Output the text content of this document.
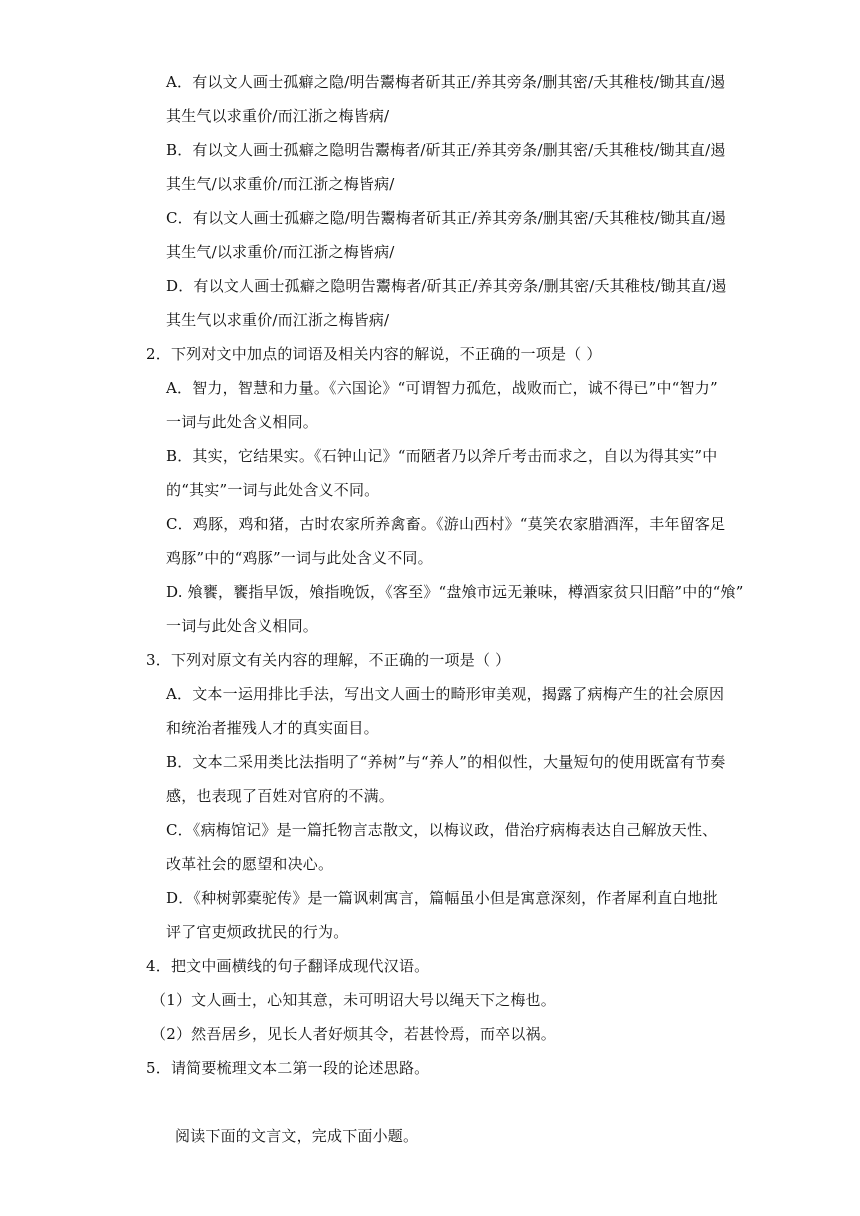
A．有以文人画士孤癖之隐/明告鬻梅者斫其正/养其旁条/删其密/夭其稚枝/锄其直/遏
其生气以求重价/而江浙之梅皆病/
B．有以文人画士孤癖之隐明告鬻梅者/斫其正/养其旁条/删其密/夭其稚枝/锄其直/遏
其生气/以求重价/而江浙之梅皆病/
C．有以文人画士孤癖之隐/明告鬻梅者斫其正/养其旁条/删其密/夭其稚枝/锄其直/遏
其生气/以求重价/而江浙之梅皆病/
D．有以文人画士孤癖之隐明告鬻梅者/斫其正/养其旁条/删其密/夭其稚枝/锄其直/遏
其生气以求重价/而江浙之梅皆病/
2．下列对文中加点的词语及相关内容的解说，不正确的一项是（ ）
A．智力，智慧和力量。《六国论》“可谓智力孤危，战败而亡，诚不得已”中“智力”
一词与此处含义相同。
B．其实，它结果实。《石钟山记》“而陋者乃以斧斤考击而求之，自以为得其实”中
的“其实”一词与此处含义不同。
C．鸡豚，鸡和猪，古时农家所养禽畜。《游山西村》“莫笑农家腊酒浑，丰年留客足
鸡豚”中的“鸡豚”一词与此处含义不同。
D. 飧饔，饔指早饭，飧指晚饭，《客至》“盘飧市远无兼味，樽酒家贫只旧醅”中的“飧”
一词与此处含义相同。
3．下列对原文有关内容的理解，不正确的一项是（ ）
A．文本一运用排比手法，写出文人画士的畸形审美观，揭露了病梅产生的社会原因
和统治者摧残人才的真实面目。
B．文本二采用类比法指明了“养树”与“养人”的相似性，大量短句的使用既富有节奏
感，也表现了百姓对官府的不满。
C．《病梅馆记》是一篇托物言志散文，以梅议政，借治疗病梅表达自己解放天性、
改革社会的愿望和决心。
D．《种树郭橐驼传》是一篇讽刺寓言，篇幅虽小但是寓意深刻，作者犀利直白地批
评了官吏烦政扰民的行为。
4．把文中画横线的句子翻译成现代汉语。
（1）文人画士，心知其意，未可明诏大号以绳天下之梅也。
（2）然吾居乡，见长人者好烦其令，若甚怜焉，而卒以祸。
5．请简要梳理文本二第一段的论述思路。
阅读下面的文言文，完成下面小题。
